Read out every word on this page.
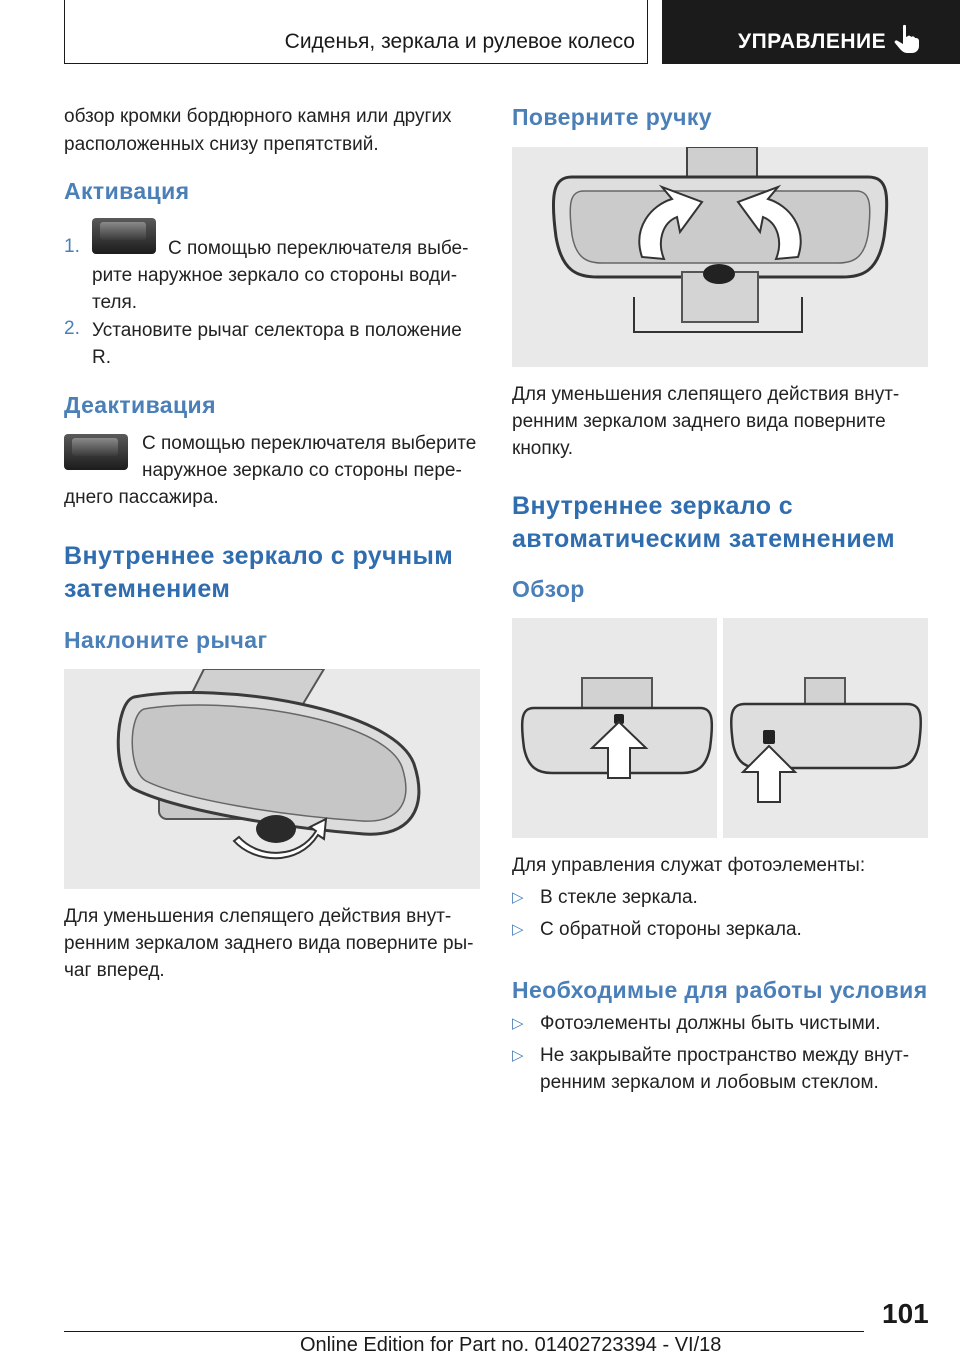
Сиденья, зеркала и рулевое колесо	УПРАВЛЕНИЕ

обзор кромки бордюрного камня или других

расположенных снизу препятствий.

Активация
1.	С помощью переключателя выбе-

рите наружное зеркало со стороны води-

теля.

2. Установите рычаг селектора в положение

R.

Деактивация

С помощью переключателя выберите

наружное зеркало со стороны пере-

днего пассажира.

Внутреннее зеркало с ручным
затемнением
Наклоните рычаг

Для уменьшения слепящего действия внут-

ренним зеркалом заднего вида поверните ры-

чаг вперед.

Поверните ручку

Для уменьшения слепящего действия внут-

ренним зеркалом заднего вида поверните

кнопку.

Внутреннее зеркало с
автоматическим затемнением
Обзор

Для управления служат фотоэлементы:

▷ В стекле зеркала.

▷ С обратной стороны зеркала.

Необходимые для работы условия
▷ Фотоэлементы должны быть чистыми.

▷ Не закрывайте пространство между внут-

ренним зеркалом и лобовым стеклом.

101
Online Edition for Part no. 01402723394 - VI/18
